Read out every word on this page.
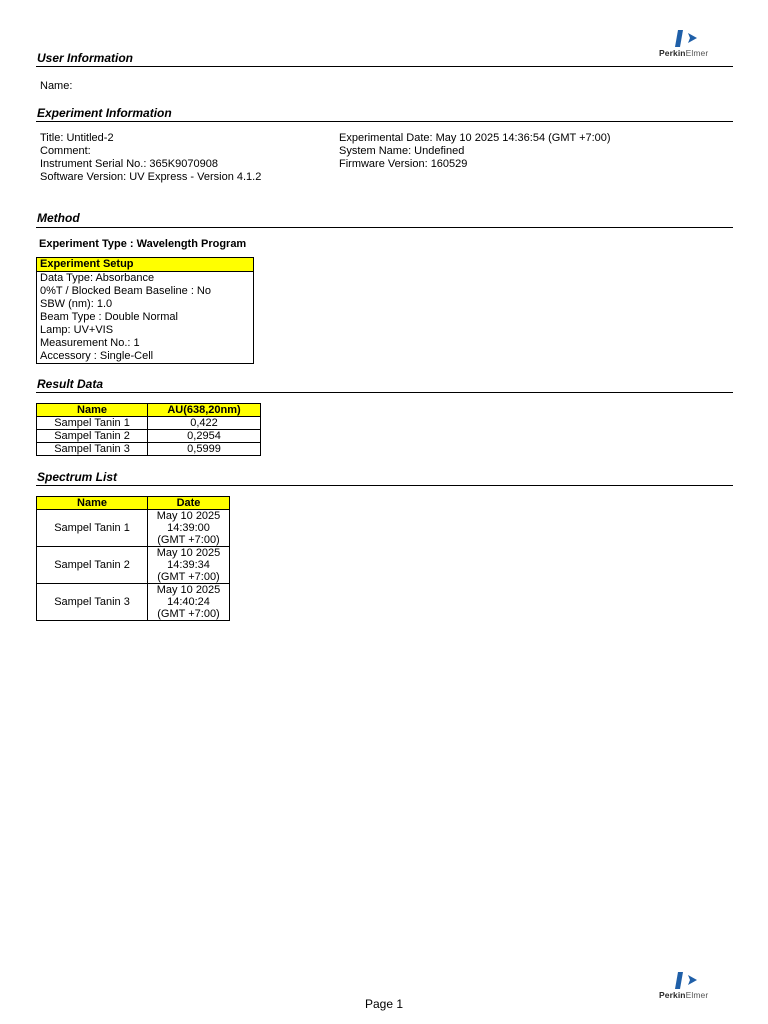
PerkinElmer
User Information
Name:
Experiment Information
Title: Untitled-2
Comment:
Instrument Serial No.: 365K9070908
Software Version: UV Express - Version 4.1.2
Experimental Date: May 10 2025 14:36:54 (GMT +7:00)
System Name: Undefined
Firmware Version: 160529
Method
Experiment Type : Wavelength Program
Experiment Setup
Data Type: Absorbance
0%T / Blocked Beam Baseline : No
SBW (nm): 1.0
Beam Type : Double Normal
Lamp: UV+VIS
Measurement No.: 1
Accessory : Single-Cell
Result Data
Name	AU(638,20nm)
Sampel Tanin 1	0,422
Sampel Tanin 2	0,2954
Sampel Tanin 3	0,5999
Spectrum List
Name	Date
Sampel Tanin 1	May 10 2025
14:39:00
(GMT +7:00)

Sampel Tanin 2	May 10 2025
14:39:34
(GMT +7:00)

Sampel Tanin 3	May 10 2025
14:40:24
(GMT +7:00)
Page 1
PerkinElmer
